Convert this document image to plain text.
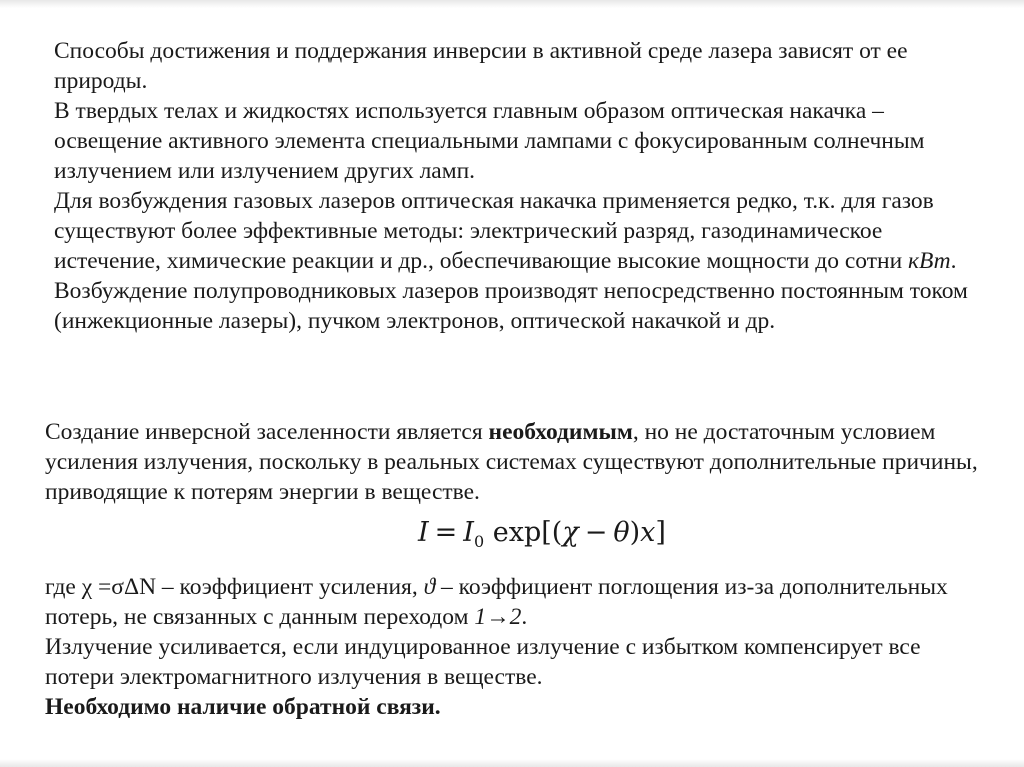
Способы достижения и поддержания инверсии в активной среде лазера зависят от ее природы.
В твердых телах и жидкостях используется главным образом оптическая накачка – освещение активного элемента специальными лампами с фокусированным солнечным излучением или излучением других ламп.
Для возбуждения газовых лазеров оптическая накачка применяется редко, т.к. для газов существуют более эффективные методы: электрический разряд, газодинамическое истечение, химические реакции и др., обеспечивающие высокие мощности до сотни кВт.
Возбуждение полупроводниковых лазеров производят непосредственно постоянным током (инжекционные лазеры), пучком электронов, оптической накачкой и др.
Создание инверсной заселенности является необходимым, но не достаточным условием усиления излучения, поскольку в реальных системах существуют дополнительные причины, приводящие к потерям энергии в веществе.
$I = I_0$ exp[(χ − θ)x]
где χ =σΔN – коэффициент усиления, ϑ – коэффициент поглощения из-за дополнительных потерь, не связанных с данным переходом 1→2.
Излучение усиливается, если индуцированное излучение с избытком компенсирует все потери электромагнитного излучения в веществе.
Необходимо наличие обратной связи.
